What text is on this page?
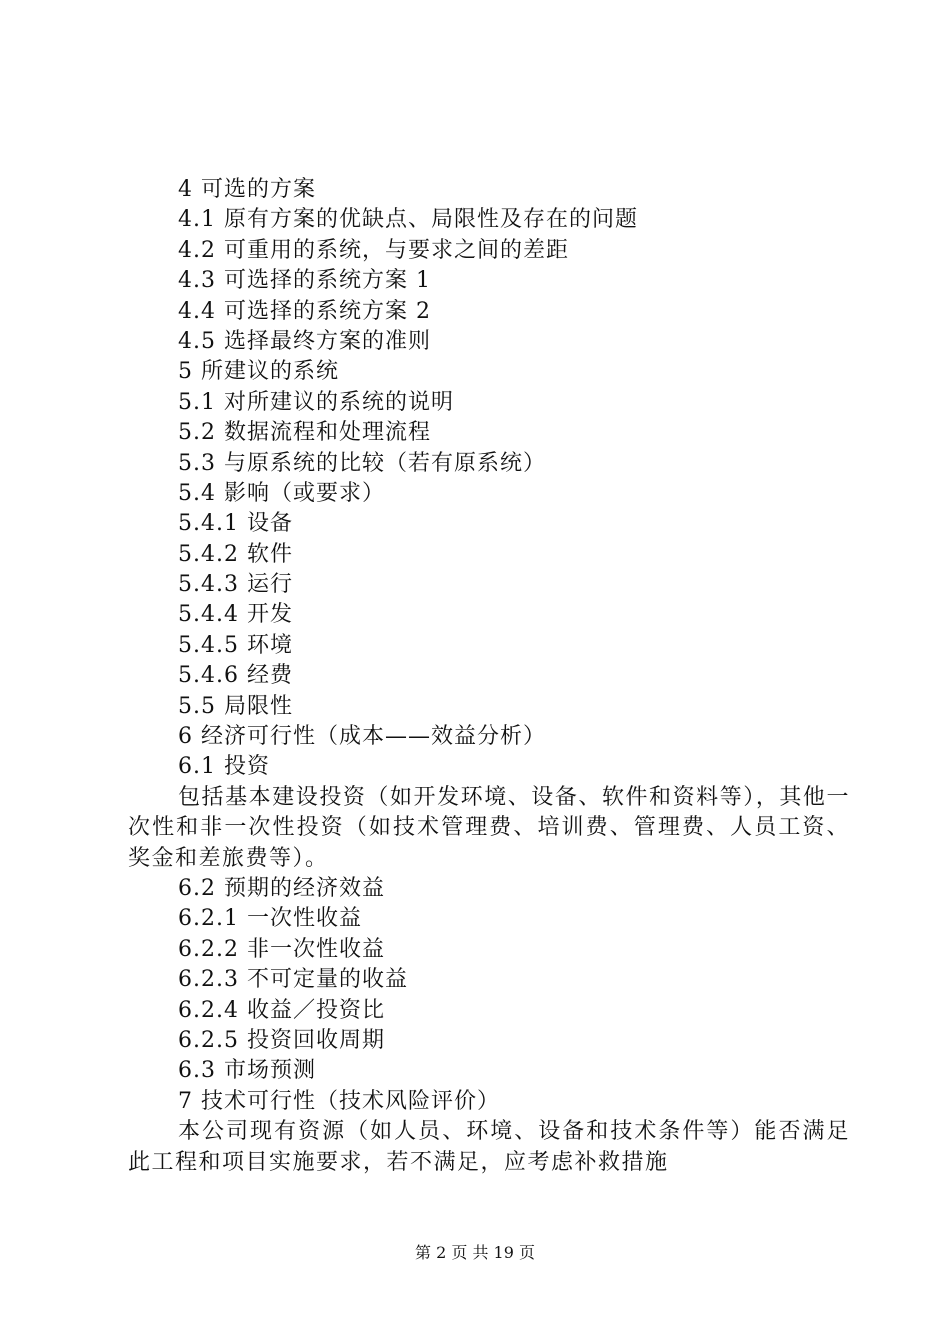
4 可选的方案
4.1 原有方案的优缺点、局限性及存在的问题
4.2 可重用的系统，与要求之间的差距
4.3 可选择的系统方案 1
4.4 可选择的系统方案 2
4.5 选择最终方案的准则
5 所建议的系统
5.1 对所建议的系统的说明
5.2 数据流程和处理流程
5.3 与原系统的比较（若有原系统）
5.4 影响（或要求）
5.4.1 设备
5.4.2 软件
5.4.3 运行
5.4.4 开发
5.4.5 环境
5.4.6 经费
5.5 局限性
6 经济可行性（成本——效益分析）
6.1 投资
包括基本建设投资（如开发环境、设备、软件和资料等），其他一次性和非一次性投资（如技术管理费、培训费、管理费、人员工资、奖金和差旅费等）。
6.2 预期的经济效益
6.2.1 一次性收益
6.2.2 非一次性收益
6.2.3 不可定量的收益
6.2.4 收益／投资比
6.2.5 投资回收周期
6.3 市场预测
7 技术可行性（技术风险评价）
本公司现有资源（如人员、环境、设备和技术条件等）能否满足此工程和项目实施要求，若不满足，应考虑补救措施
第 2 页 共 19 页
